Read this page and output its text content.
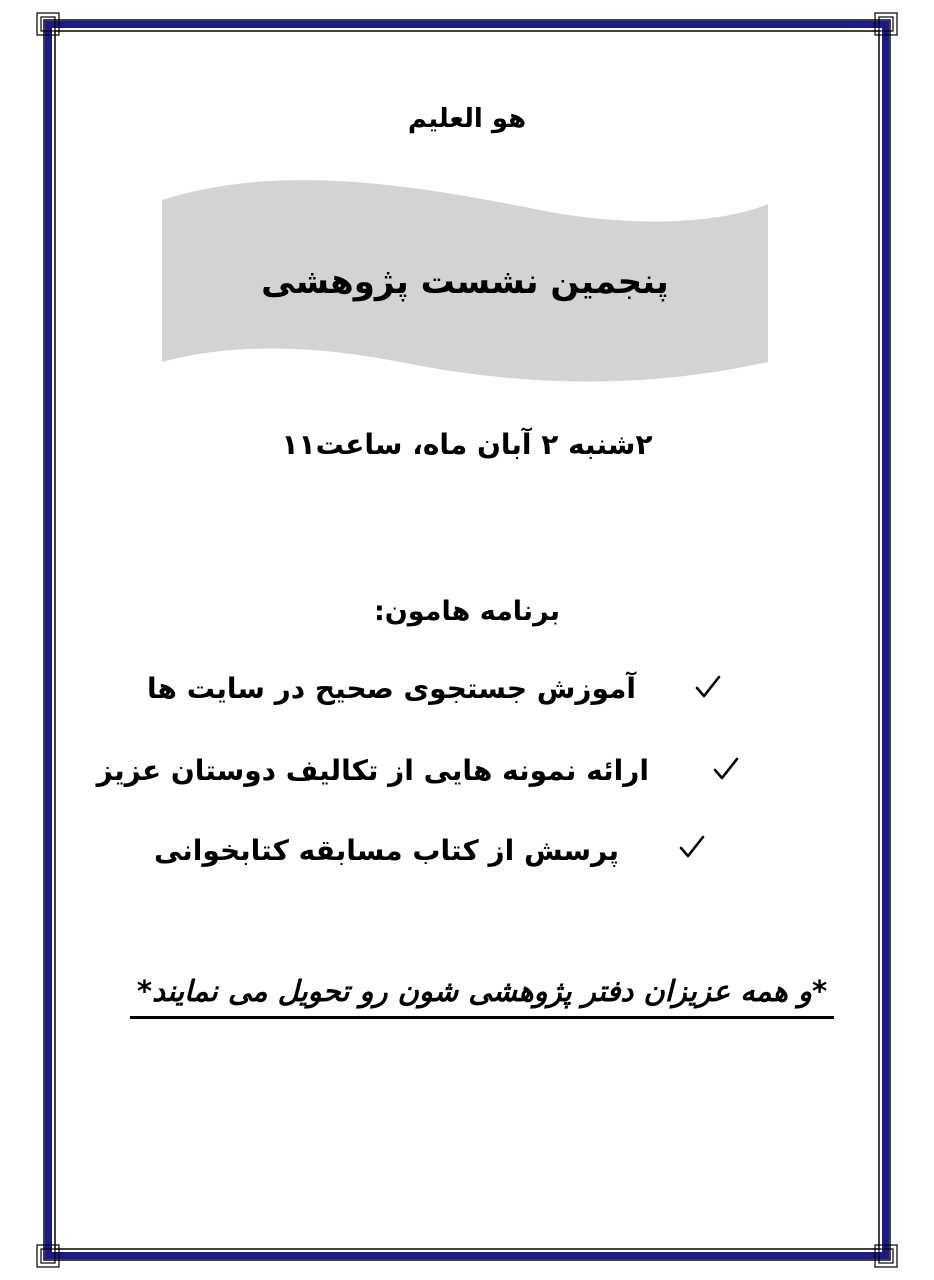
هو العلیم
پنجمین نشست پژوهشی
۲شنبه ۲ آبان ماه، ساعت۱۱
برنامه هامون:
آموزش جستجوی صحیح در سایت ها
ارائه نمونه هایی از تکالیف دوستان عزیز
پرسش از کتاب مسابقه کتابخوانی
*و همه عزیزان دفتر پژوهشی شون رو تحویل می نمایند*
